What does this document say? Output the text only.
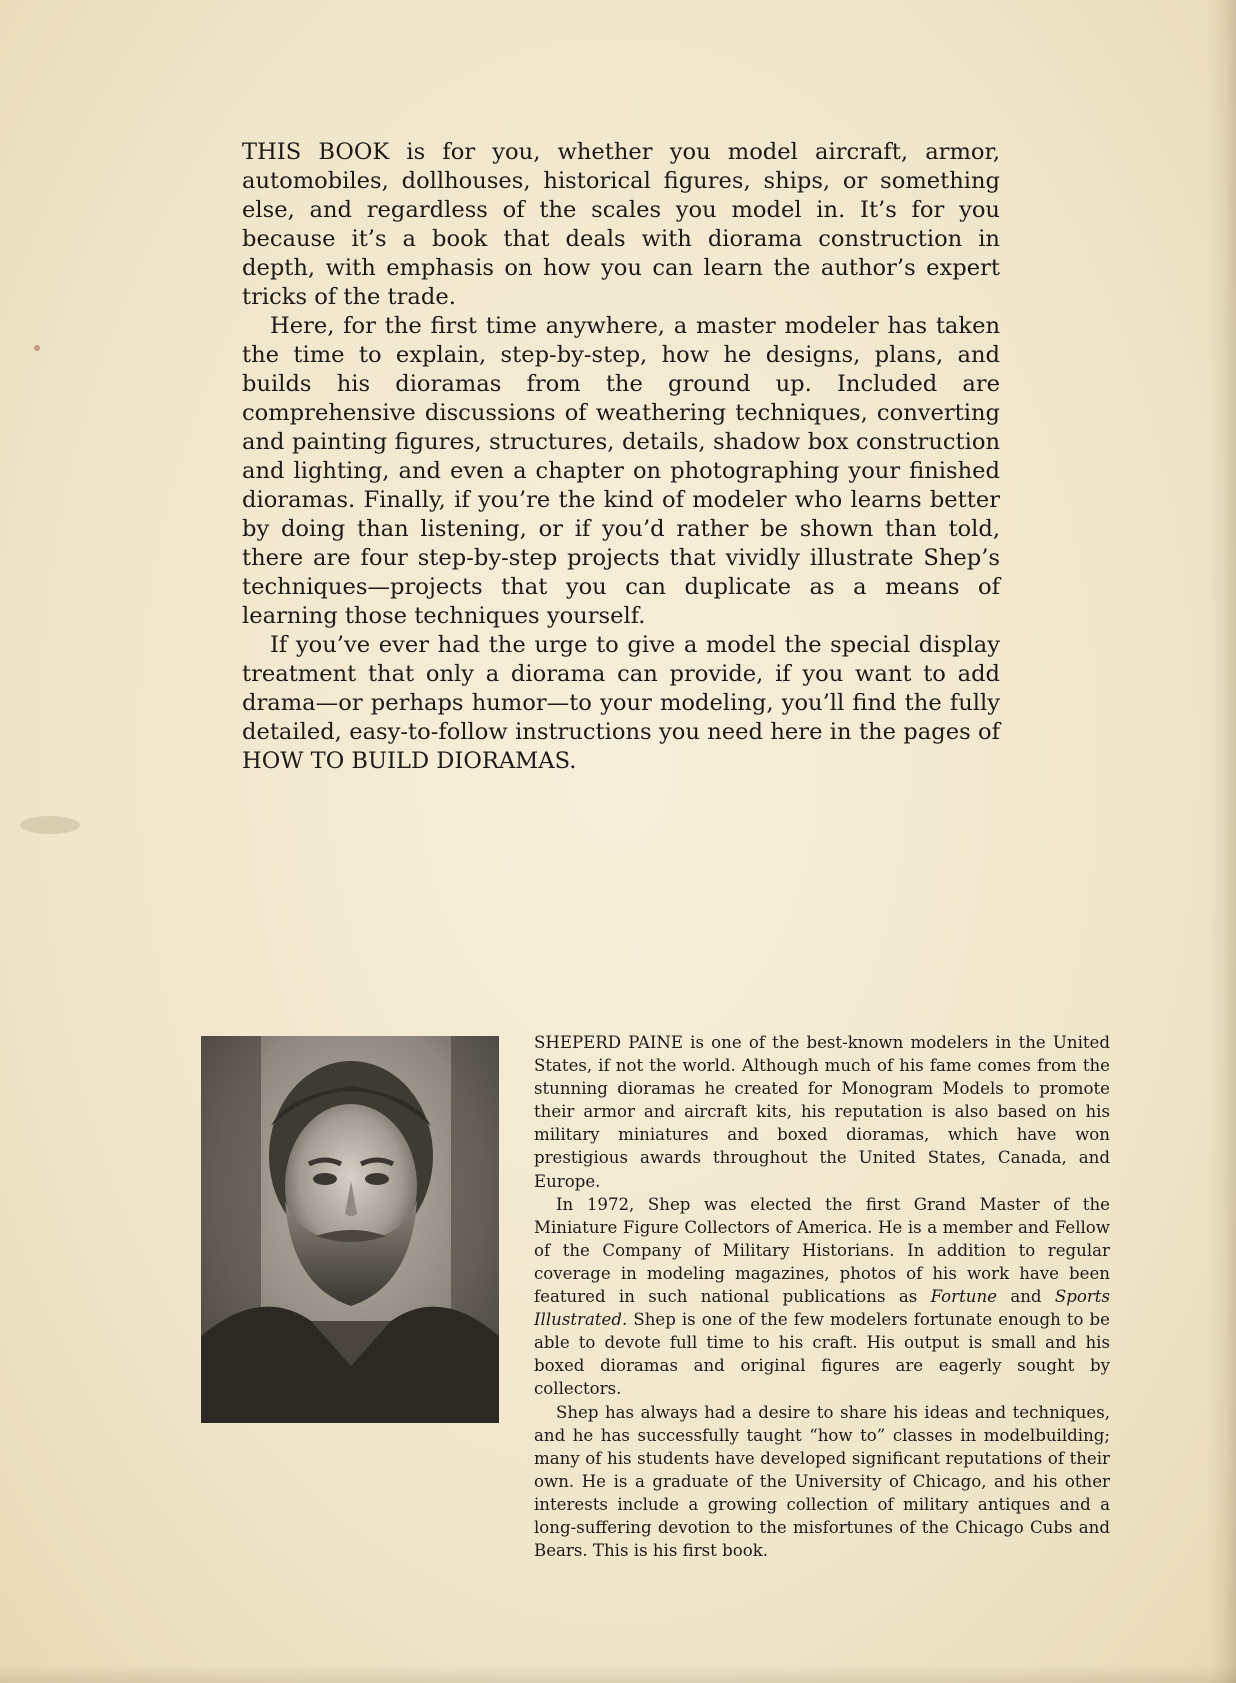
THIS BOOK is for you, whether you model aircraft, armor, automobiles, dollhouses, historical figures, ships, or something else, and regardless of the scales you model in. It’s for you because it’s a book that deals with diorama construction in depth, with emphasis on how you can learn the author’s expert tricks of the trade.

Here, for the first time anywhere, a master modeler has taken the time to explain, step-by-step, how he designs, plans, and builds his dioramas from the ground up. Included are comprehensive discussions of weathering techniques, converting and painting figures, structures, details, shadow box construction and lighting, and even a chapter on photographing your finished dioramas. Finally, if you’re the kind of modeler who learns better by doing than listening, or if you’d rather be shown than told, there are four step-by-step projects that vividly illustrate Shep’s techniques—projects that you can duplicate as a means of learning those techniques yourself.

If you’ve ever had the urge to give a model the special display treatment that only a diorama can provide, if you want to add drama—or perhaps humor—to your modeling, you’ll find the fully detailed, easy-to-follow instructions you need here in the pages of HOW TO BUILD DIORAMAS.

SHEPERD PAINE is one of the best-known modelers in the United States, if not the world. Although much of his fame comes from the stunning dioramas he created for Monogram Models to promote their armor and aircraft kits, his reputation is also based on his military miniatures and boxed dioramas, which have won prestigious awards throughout the United States, Canada, and Europe.

In 1972, Shep was elected the first Grand Master of the Miniature Figure Collectors of America. He is a member and Fellow of the Company of Military Historians. In addition to regular coverage in modeling magazines, photos of his work have been featured in such national publications as Fortune and Sports Illustrated. Shep is one of the few modelers fortunate enough to be able to devote full time to his craft. His output is small and his boxed dioramas and original figures are eagerly sought by collectors.

Shep has always had a desire to share his ideas and techniques, and he has successfully taught “how to” classes in modelbuilding; many of his students have developed significant reputations of their own. He is a graduate of the University of Chicago, and his other interests include a growing collection of military antiques and a long-suffering devotion to the misfortunes of the Chicago Cubs and Bears. This is his first book.
